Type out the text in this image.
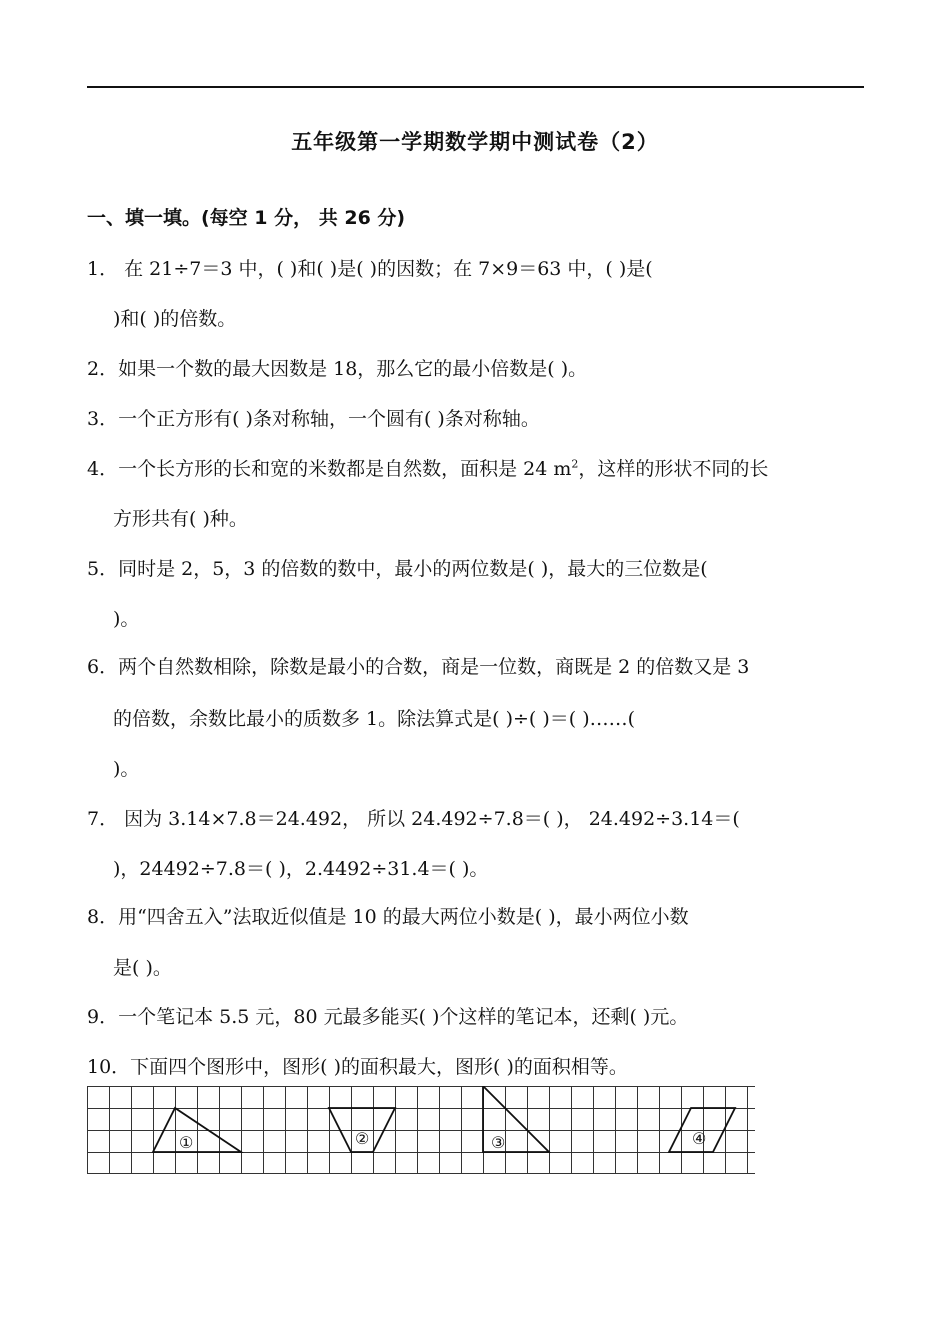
五年级第一学期数学期中测试卷（2）
一、填一填。(每空 1 分， 共 26 分)
1． 在 21÷7＝3 中，( )和( )是( )的因数；在 7×9＝63 中，( )是(
)和( )的倍数。
2．如果一个数的最大因数是 18，那么它的最小倍数是( )。
3．一个正方形有( )条对称轴，一个圆有( )条对称轴。
4．一个长方形的长和宽的米数都是自然数，面积是 24 $m^2$，这样的形状不同的长
方形共有( )种。
5．同时是 2，5，3 的倍数的数中，最小的两位数是( )，最大的三位数是(
)。
6．两个自然数相除，除数是最小的合数，商是一位数，商既是 2 的倍数又是 3
的倍数，余数比最小的质数多 1。除法算式是( )÷( )＝( )……(
)。
7． 因为 3.14×7.8＝24.492， 所以 24.492÷7.8＝( )， 24.492÷3.14＝(
)，24492÷7.8＝( )，2.4492÷31.4＝( )。
8．用“四舍五入”法取近似值是 10 的最大两位小数是( )，最小两位小数
是( )。
9．一个笔记本 5.5 元，80 元最多能买( )个这样的笔记本，还剩( )元。
10．下面四个图形中，图形( )的面积最大，图形( )的面积相等。
①	②	③	④
